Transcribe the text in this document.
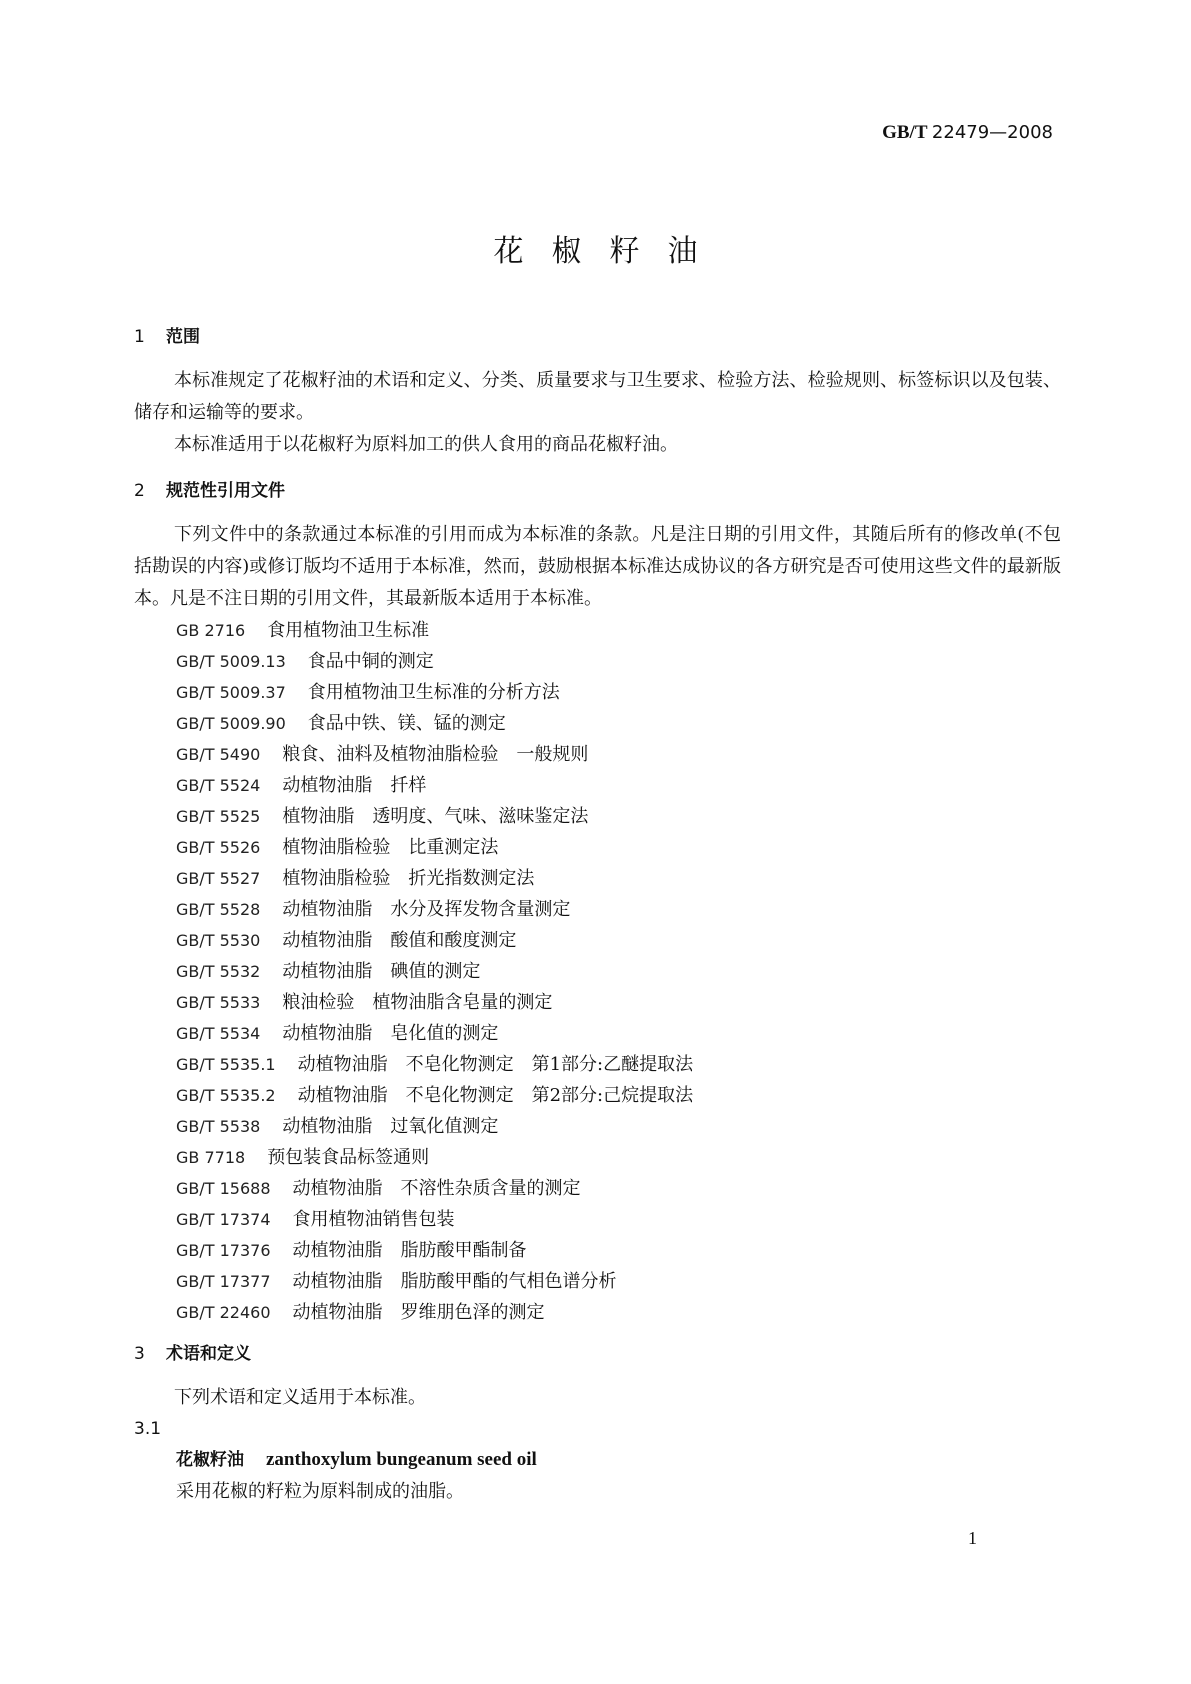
GB/T 22479—2008
花椒籽油
1 范围

本标准规定了花椒籽油的术语和定义、分类、质量要求与卫生要求、检验方法、检验规则、标签标识以及包装、储存和运输等的要求。

本标准适用于以花椒籽为原料加工的供人食用的商品花椒籽油。

2 规范性引用文件

下列文件中的条款通过本标准的引用而成为本标准的条款。凡是注日期的引用文件，其随后所有的修改单(不包括勘误的内容)或修订版均不适用于本标准，然而，鼓励根据本标准达成协议的各方研究是否可使用这些文件的最新版本。凡是不注日期的引用文件，其最新版本适用于本标准。

GB 2716 食用植物油卫生标准
GB/T 5009.13 食品中铜的测定
GB/T 5009.37 食用植物油卫生标准的分析方法
GB/T 5009.90 食品中铁、镁、锰的测定
GB/T 5490 粮食、油料及植物油脂检验　一般规则
GB/T 5524 动植物油脂　扦样
GB/T 5525 植物油脂　透明度、气味、滋味鉴定法
GB/T 5526 植物油脂检验　比重测定法
GB/T 5527 植物油脂检验　折光指数测定法
GB/T 5528 动植物油脂　水分及挥发物含量测定
GB/T 5530 动植物油脂　酸值和酸度测定
GB/T 5532 动植物油脂　碘值的测定
GB/T 5533 粮油检验　植物油脂含皂量的测定
GB/T 5534 动植物油脂　皂化值的测定
GB/T 5535.1 动植物油脂　不皂化物测定　第1部分:乙醚提取法
GB/T 5535.2 动植物油脂　不皂化物测定　第2部分:己烷提取法
GB/T 5538 动植物油脂　过氧化值测定
GB 7718 预包装食品标签通则
GB/T 15688 动植物油脂　不溶性杂质含量的测定
GB/T 17374 食用植物油销售包装
GB/T 17376 动植物油脂　脂肪酸甲酯制备
GB/T 17377 动植物油脂　脂肪酸甲酯的气相色谱分析
GB/T 22460 动植物油脂　罗维朋色泽的测定
3 术语和定义

下列术语和定义适用于本标准。

3.1

花椒籽油 zanthoxylum bungeanum seed oil

采用花椒的籽粒为原料制成的油脂。

1
